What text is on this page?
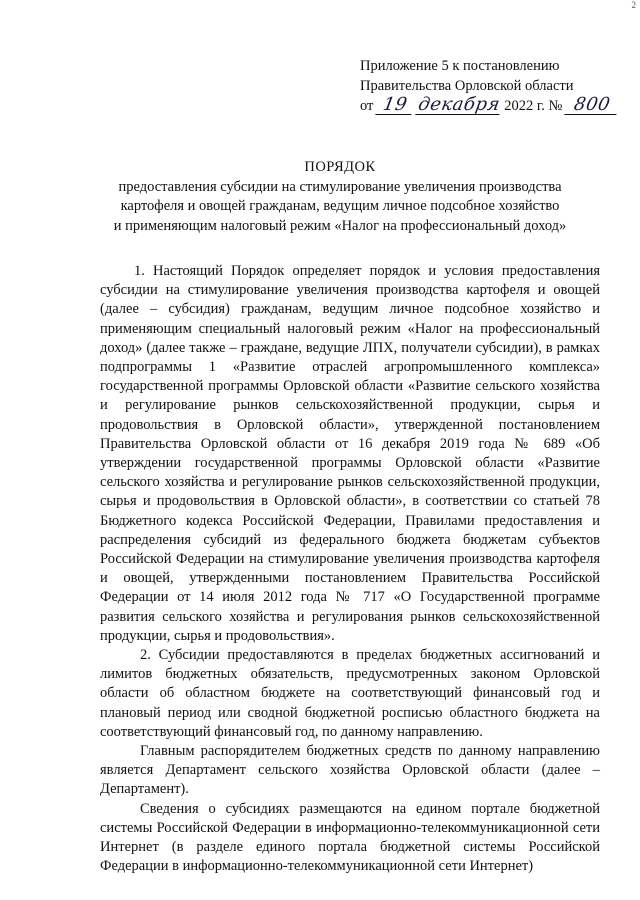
2
Приложение 5 к постановлению
Правительства Орловской области
от 19 декабря 2022 г. № 800
ПОРЯДОК
предоставления субсидии на стимулирование увеличения производства
картофеля и овощей гражданам, ведущим личное подсобное хозяйство
и применяющим налоговый режим «Налог на профессиональный доход»

1. Настоящий Порядок определяет порядок и условия предоставления субсидии на стимулирование увеличения производства картофеля и овощей (далее – субсидия) гражданам, ведущим личное подсобное хозяйство и применяющим специальный налоговый режим «Налог на профессиональный доход» (далее также – граждане, ведущие ЛПХ, получатели субсидии), в рамках подпрограммы 1 «Развитие отраслей агропромышленного комплекса» государственной программы Орловской области «Развитие сельского хозяйства и регулирование рынков сельскохозяйственной продукции, сырья и продовольствия в Орловской области», утвержденной постановлением Правительства Орловской области от 16 декабря 2019 года № 689 «Об утверждении государственной программы Орловской области «Развитие сельского хозяйства и регулирование рынков сельскохозяйственной продукции, сырья и продовольствия в Орловской области», в соответствии со статьей 78 Бюджетного кодекса Российской Федерации, Правилами предоставления и распределения субсидий из федерального бюджета бюджетам субъектов Российской Федерации на стимулирование увеличения производства картофеля и овощей, утвержденными постановлением Правительства Российской Федерации от 14 июля 2012 года № 717 «О Государственной программе развития сельского хозяйства и регулирования рынков сельскохозяйственной продукции, сырья и продовольствия».

2. Субсидии предоставляются в пределах бюджетных ассигнований и лимитов бюджетных обязательств, предусмотренных законом Орловской области об областном бюджете на соответствующий финансовый год и плановый период или сводной бюджетной росписью областного бюджета на соответствующий финансовый год, по данному направлению.

Главным распорядителем бюджетных средств по данному направлению является Департамент сельского хозяйства Орловской области (далее – Департамент).

Сведения о субсидиях размещаются на едином портале бюджетной системы Российской Федерации в информационно-телекоммуникационной сети Интернет (в разделе единого портала бюджетной системы Российской Федерации в информационно-телекоммуникационной сети Интернет)
